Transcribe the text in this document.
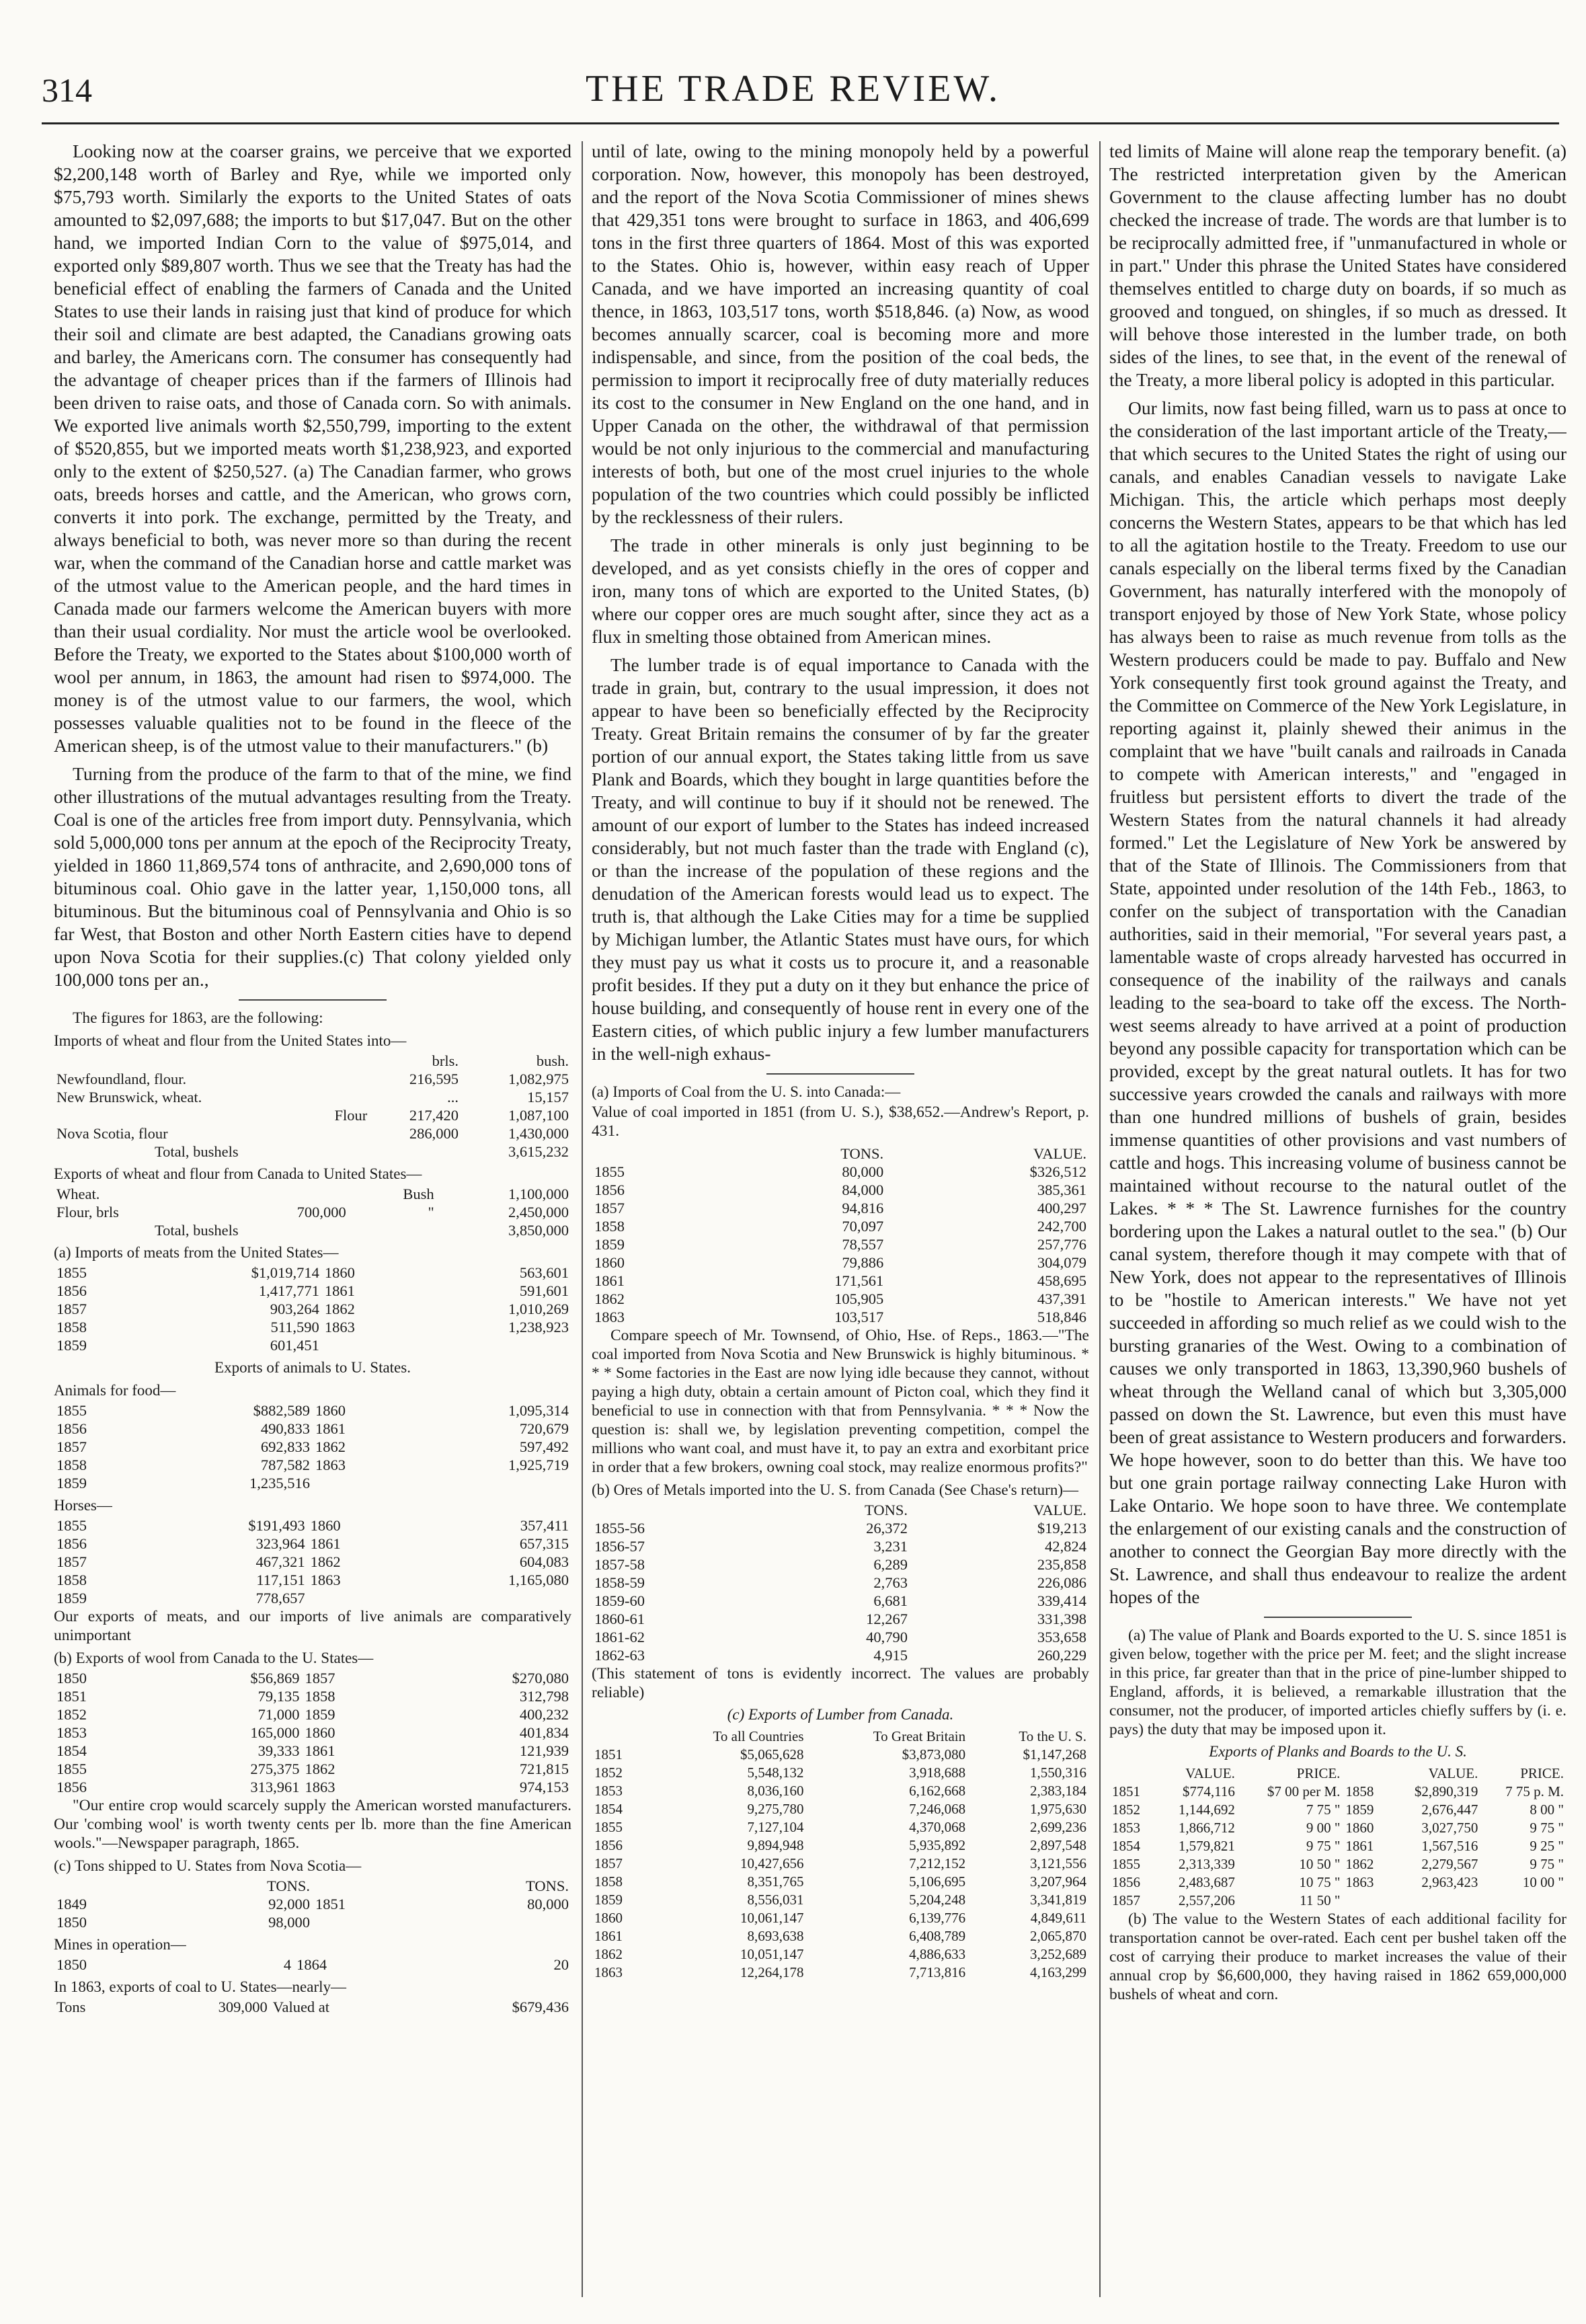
314	THE TRADE REVIEW.

Looking now at the coarser grains, we perceive that we exported $2,200,148 worth of Barley and Rye, while we imported only $75,793 worth. Similarly the exports to the United States of oats amounted to $2,097,688; the imports to but $17,047. But on the other hand, we imported Indian Corn to the value of $975,014, and exported only $89,807 worth. Thus we see that the Treaty has had the beneficial effect of enabling the farmers of Canada and the United States to use their lands in raising just that kind of produce for which their soil and climate are best adapted, the Canadians growing oats and barley, the Americans corn. The consumer has consequently had the advantage of cheaper prices than if the farmers of Illinois had been driven to raise oats, and those of Canada corn. So with animals. We exported live animals worth $2,550,799, importing to the extent of $520,855, but we imported meats worth $1,238,923, and exported only to the extent of $250,527. (a) The Canadian farmer, who grows oats, breeds horses and cattle, and the American, who grows corn, converts it into pork. The exchange, permitted by the Treaty, and always beneficial to both, was never more so than during the recent war, when the command of the Canadian horse and cattle market was of the utmost value to the American people, and the hard times in Canada made our farmers welcome the American buyers with more than their usual cordiality. Nor must the article wool be overlooked. Before the Treaty, we exported to the States about $100,000 worth of wool per annum, in 1863, the amount had risen to $974,000. The money is of the utmost value to our farmers, the wool, which possesses valuable qualities not to be found in the fleece of the American sheep, is of the utmost value to their manufacturers." (b)

Turning from the produce of the farm to that of the mine, we find other illustrations of the mutual advantages resulting from the Treaty. Coal is one of the articles free from import duty. Pennsylvania, which sold 5,000,000 tons per annum at the epoch of the Reciprocity Treaty, yielded in 1860 11,869,574 tons of anthracite, and 2,690,000 tons of bituminous coal. Ohio gave in the latter year, 1,150,000 tons, all bituminous. But the bituminous coal of Pennsylvania and Ohio is so far West, that Boston and other North Eastern cities have to depend upon Nova Scotia for their supplies.(c) That colony yielded only 100,000 tons per an.,

The figures for 1863, are the following:

Imports of wheat and flour from the United States into—
		brls.	bush.
Newfoundland, flour.		216,595	1,082,975
New Brunswick, wheat.		...	15,157
	Flour	217,420	1,087,100
Nova Scotia, flour		286,000	1,430,000
Total, bushels			3,615,232
Exports of wheat and flour from Canada to United States—
Wheat.		Bush	1,100,000
Flour, brls	700,000	"	2,450,000
Total, bushels			3,850,000
(a) Imports of meats from the United States—
1855	$1,019,714	1860	563,601
1856	1,417,771	1861	591,601
1857	903,264	1862	1,010,269
1858	511,590	1863	1,238,923
1859	601,451		
Exports of animals to U. States.
Animals for food—
1855	$882,589	1860	1,095,314
1856	490,833	1861	720,679
1857	692,833	1862	597,492
1858	787,582	1863	1,925,719
1859	1,235,516		
Horses—
1855	$191,493	1860	357,411
1856	323,964	1861	657,315
1857	467,321	1862	604,083
1858	117,151	1863	1,165,080
1859	778,657		

Our exports of meats, and our imports of live animals are comparatively unimportant

(b) Exports of wool from Canada to the U. States—
1850	$56,869	1857	$270,080
1851	79,135	1858	312,798
1852	71,000	1859	400,232
1853	165,000	1860	401,834
1854	39,333	1861	121,939
1855	275,375	1862	721,815
1856	313,961	1863	974,153

"Our entire crop would scarcely supply the American worsted manufacturers. Our 'combing wool' is worth twenty cents per lb. more than the fine American wools."—Newspaper paragraph, 1865.

(c) Tons shipped to U. States from Nova Scotia—
	TONS.		TONS.
1849	92,000	1851	80,000
1850	98,000		
Mines in operation—
1850	4	1864	20
In 1863, exports of coal to U. States—nearly—
Tons	309,000	Valued at	$679,436

until of late, owing to the mining monopoly held by a powerful corporation. Now, however, this monopoly has been destroyed, and the report of the Nova Scotia Commissioner of mines shews that 429,351 tons were brought to surface in 1863, and 406,699 tons in the first three quarters of 1864. Most of this was exported to the States. Ohio is, however, within easy reach of Upper Canada, and we have imported an increasing quantity of coal thence, in 1863, 103,517 tons, worth $518,846. (a) Now, as wood becomes annually scarcer, coal is becoming more and more indispensable, and since, from the position of the coal beds, the permission to import it reciprocally free of duty materially reduces its cost to the consumer in New England on the one hand, and in Upper Canada on the other, the withdrawal of that permission would be not only injurious to the commercial and manufacturing interests of both, but one of the most cruel injuries to the whole population of the two countries which could possibly be inflicted by the recklessness of their rulers.

The trade in other minerals is only just beginning to be developed, and as yet consists chiefly in the ores of copper and iron, many tons of which are exported to the United States, (b) where our copper ores are much sought after, since they act as a flux in smelting those obtained from American mines.

The lumber trade is of equal importance to Canada with the trade in grain, but, contrary to the usual impression, it does not appear to have been so beneficially effected by the Reciprocity Treaty. Great Britain remains the consumer of by far the greater portion of our annual export, the States taking little from us save Plank and Boards, which they bought in large quantities before the Treaty, and will continue to buy if it should not be renewed. The amount of our export of lumber to the States has indeed increased considerably, but not much faster than the trade with England (c), or than the increase of the population of these regions and the denudation of the American forests would lead us to expect. The truth is, that although the Lake Cities may for a time be supplied by Michigan lumber, the Atlantic States must have ours, for which they must pay us what it costs us to procure it, and a reasonable profit besides. If they put a duty on it they but enhance the price of house building, and consequently of house rent in every one of the Eastern cities, of which public injury a few lumber manufacturers in the well-nigh exhaus-

(a) Imports of Coal from the U. S. into Canada:—

Value of coal imported in 1851 (from U. S.), $38,652.—Andrew's Report, p. 431.

	TONS.	VALUE.
1855	80,000	$326,512
1856	84,000	385,361
1857	94,816	400,297
1858	70,097	242,700
1859	78,557	257,776
1860	79,886	304,079
1861	171,561	458,695
1862	105,905	437,391
1863	103,517	518,846

Compare speech of Mr. Townsend, of Ohio, Hse. of Reps., 1863.—"The coal imported from Nova Scotia and New Brunswick is highly bituminous. * * * Some factories in the East are now lying idle because they cannot, without paying a high duty, obtain a certain amount of Picton coal, which they find it beneficial to use in connection with that from Pennsylvania. * * * Now the question is: shall we, by legislation preventing competition, compel the millions who want coal, and must have it, to pay an extra and exorbitant price in order that a few brokers, owning coal stock, may realize enormous profits?"

(b) Ores of Metals imported into the U. S. from Canada (See Chase's return)—
	TONS.	VALUE.
1855-56	26,372	$19,213
1856-57	3,231	42,824
1857-58	6,289	235,858
1858-59	2,763	226,086
1859-60	6,681	339,414
1860-61	12,267	331,398
1861-62	40,790	353,658
1862-63	4,915	260,229

(This statement of tons is evidently incorrect. The values are probably reliable)

(c) Exports of Lumber from Canada.

	To all Countries	To Great Britain	To the U. S.
1851	$5,065,628	$3,873,080	$1,147,268
1852	5,548,132	3,918,688	1,550,316
1853	8,036,160	6,162,668	2,383,184
1854	9,275,780	7,246,068	1,975,630
1855	7,127,104	4,370,068	2,699,236
1856	9,894,948	5,935,892	2,897,548
1857	10,427,656	7,212,152	3,121,556
1858	8,351,765	5,106,695	3,207,964
1859	8,556,031	5,204,248	3,341,819
1860	10,061,147	6,139,776	4,849,611
1861	8,693,638	6,408,789	2,065,870
1862	10,051,147	4,886,633	3,252,689
1863	12,264,178	7,713,816	4,163,299

ted limits of Maine will alone reap the temporary benefit. (a) The restricted interpretation given by the American Government to the clause affecting lumber has no doubt checked the increase of trade. The words are that lumber is to be reciprocally admitted free, if "unmanufactured in whole or in part." Under this phrase the United States have considered themselves entitled to charge duty on boards, if so much as grooved and tongued, on shingles, if so much as dressed. It will behove those interested in the lumber trade, on both sides of the lines, to see that, in the event of the renewal of the Treaty, a more liberal policy is adopted in this particular.

Our limits, now fast being filled, warn us to pass at once to the consideration of the last important article of the Treaty,—that which secures to the United States the right of using our canals, and enables Canadian vessels to navigate Lake Michigan. This, the article which perhaps most deeply concerns the Western States, appears to be that which has led to all the agitation hostile to the Treaty. Freedom to use our canals especially on the liberal terms fixed by the Canadian Government, has naturally interfered with the monopoly of transport enjoyed by those of New York State, whose policy has always been to raise as much revenue from tolls as the Western producers could be made to pay. Buffalo and New York consequently first took ground against the Treaty, and the Committee on Commerce of the New York Legislature, in reporting against it, plainly shewed their animus in the complaint that we have "built canals and railroads in Canada to compete with American interests," and "engaged in fruitless but persistent efforts to divert the trade of the Western States from the natural channels it had already formed." Let the Legislature of New York be answered by that of the State of Illinois. The Commissioners from that State, appointed under resolution of the 14th Feb., 1863, to confer on the subject of transportation with the Canadian authorities, said in their memorial, "For several years past, a lamentable waste of crops already harvested has occurred in consequence of the inability of the railways and canals leading to the sea-board to take off the excess. The North-west seems already to have arrived at a point of production beyond any possible capacity for transportation which can be provided, except by the great natural outlets. It has for two successive years crowded the canals and railways with more than one hundred millions of bushels of grain, besides immense quantities of other provisions and vast numbers of cattle and hogs. This increasing volume of business cannot be maintained without recourse to the natural outlet of the Lakes. * * * The St. Lawrence furnishes for the country bordering upon the Lakes a natural outlet to the sea." (b) Our canal system, therefore though it may compete with that of New York, does not appear to the representatives of Illinois to be "hostile to American interests." We have not yet succeeded in affording so much relief as we could wish to the bursting granaries of the West. Owing to a combination of causes we only transported in 1863, 13,390,960 bushels of wheat through the Welland canal of which but 3,305,000 passed on down the St. Lawrence, but even this must have been of great assistance to Western producers and forwarders. We hope however, soon to do better than this. We have too but one grain portage railway connecting Lake Huron with Lake Ontario. We hope soon to have three. We contemplate the enlargement of our existing canals and the construction of another to connect the Georgian Bay more directly with the St. Lawrence, and shall thus endeavour to realize the ardent hopes of the

(a) The value of Plank and Boards exported to the U. S. since 1851 is given below, together with the price per M. feet; and the slight increase in this price, far greater than that in the price of pine-lumber shipped to England, affords, it is believed, a remarkable illustration that the consumer, not the producer, of imported articles chiefly suffers by (i. e. pays) the duty that may be imposed upon it.

Exports of Planks and Boards to the U. S.

	VALUE.	PRICE.		VALUE.	PRICE.
1851	$774,116	$7 00 per M.	1858	$2,890,319	7 75 p. M.
1852	1,144,692	7 75 "	1859	2,676,447	8 00 "
1853	1,866,712	9 00 "	1860	3,027,750	9 75 "
1854	1,579,821	9 75 "	1861	1,567,516	9 25 "
1855	2,313,339	10 50 "	1862	2,279,567	9 75 "
1856	2,483,687	10 75 "	1863	2,963,423	10 00 "
1857	2,557,206	11 50 "			

(b) The value to the Western States of each additional facility for transportation cannot be over-rated. Each cent per bushel taken off the cost of carrying their produce to market increases the value of their annual crop by $6,600,000, they having raised in 1862 659,000,000 bushels of wheat and corn.
